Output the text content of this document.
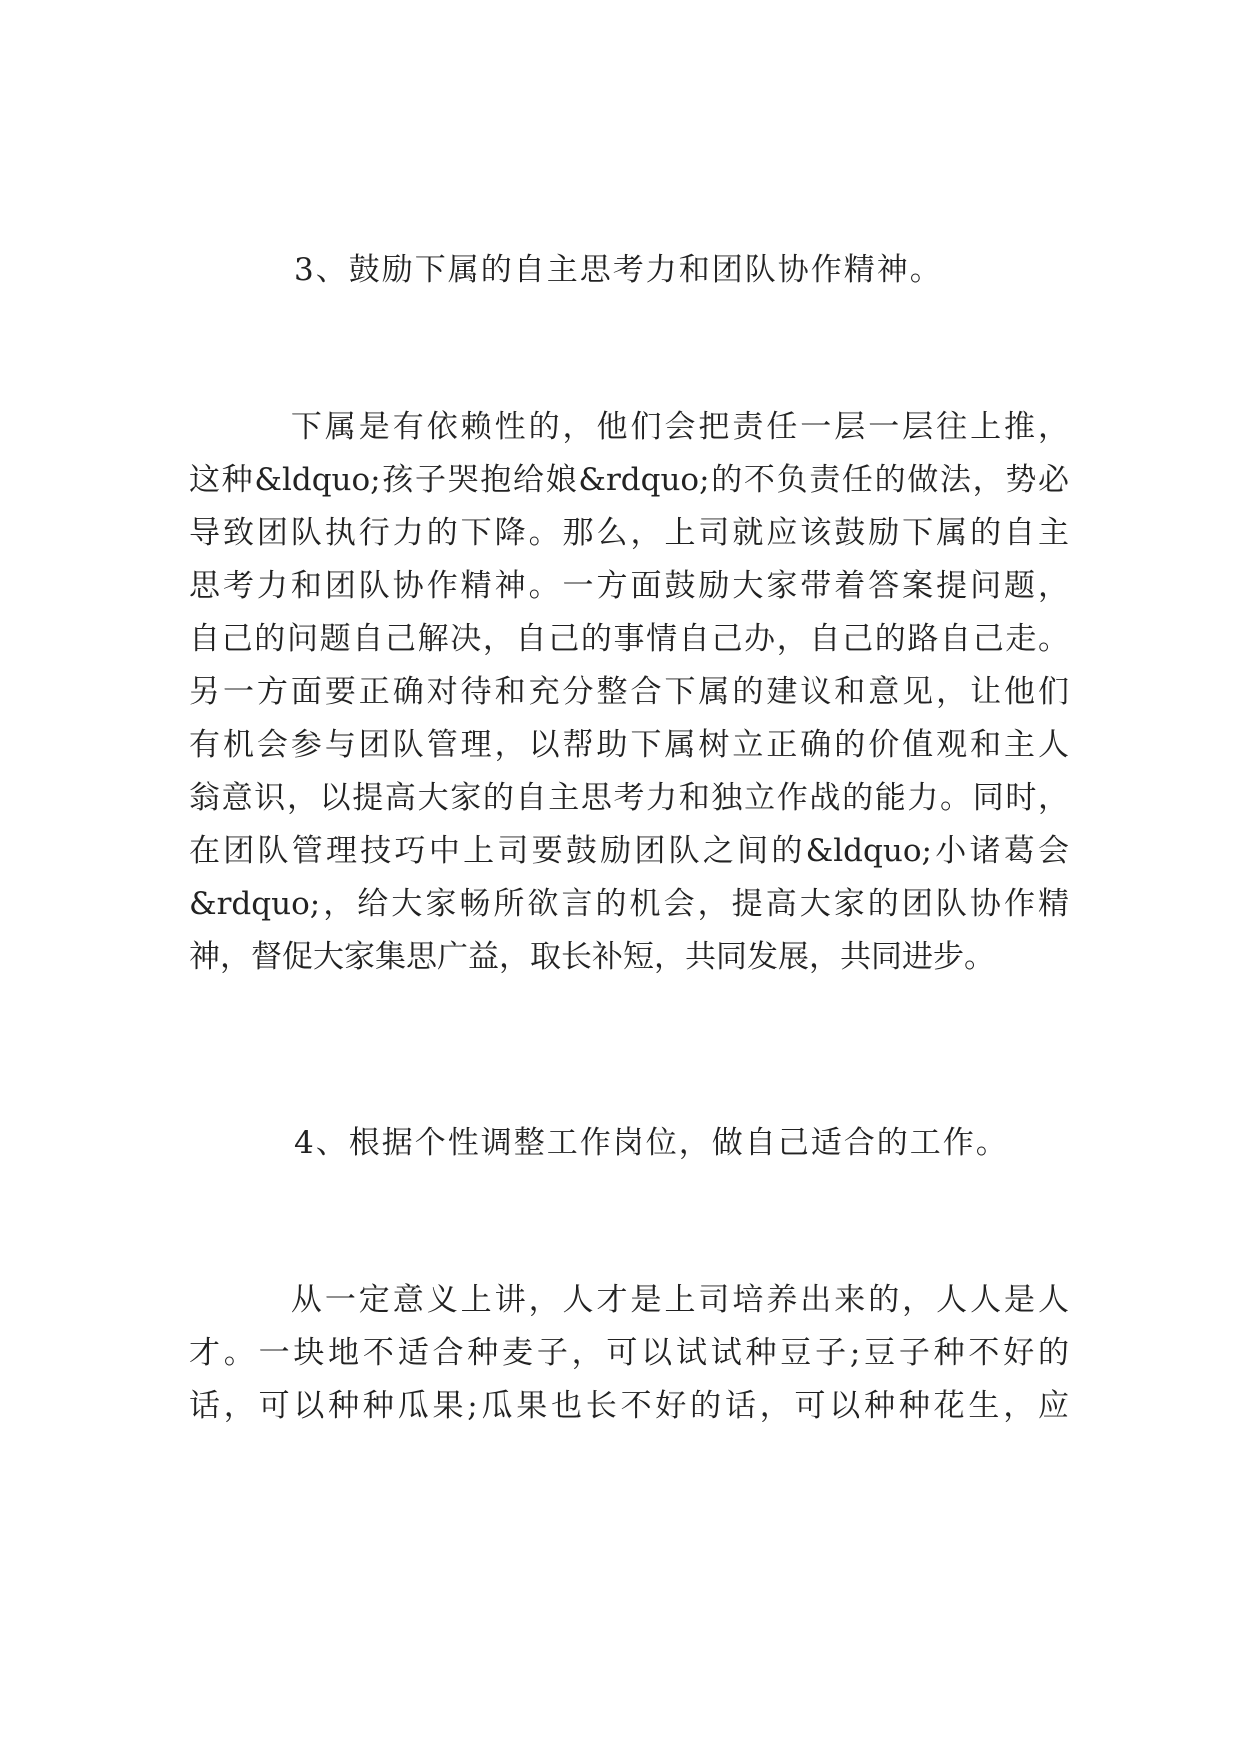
3、鼓励下属的自主思考力和团队协作精神。
　　　下属是有依赖性的，他们会把责任一层一层往上推，
这种&ldquo;孩子哭抱给娘&rdquo;的不负责任的做法，势必
导致团队执行力的下降。那么，上司就应该鼓励下属的自主
思考力和团队协作精神。一方面鼓励大家带着答案提问题，
自己的问题自己解决，自己的事情自己办，自己的路自己走。
另一方面要正确对待和充分整合下属的建议和意见，让他们
有机会参与团队管理，以帮助下属树立正确的价值观和主人
翁意识，以提高大家的自主思考力和独立作战的能力。同时，
在团队管理技巧中上司要鼓励团队之间的&ldquo;小诸葛会
&rdquo;，给大家畅所欲言的机会，提高大家的团队协作精
神，督促大家集思广益，取长补短，共同发展，共同进步。
4、根据个性调整工作岗位，做自己适合的工作。
　　　从一定意义上讲，人才是上司培养出来的，人人是人
才。一块地不适合种麦子，可以试试种豆子;豆子种不好的
话，可以种种瓜果;瓜果也长不好的话，可以种种花生，应
